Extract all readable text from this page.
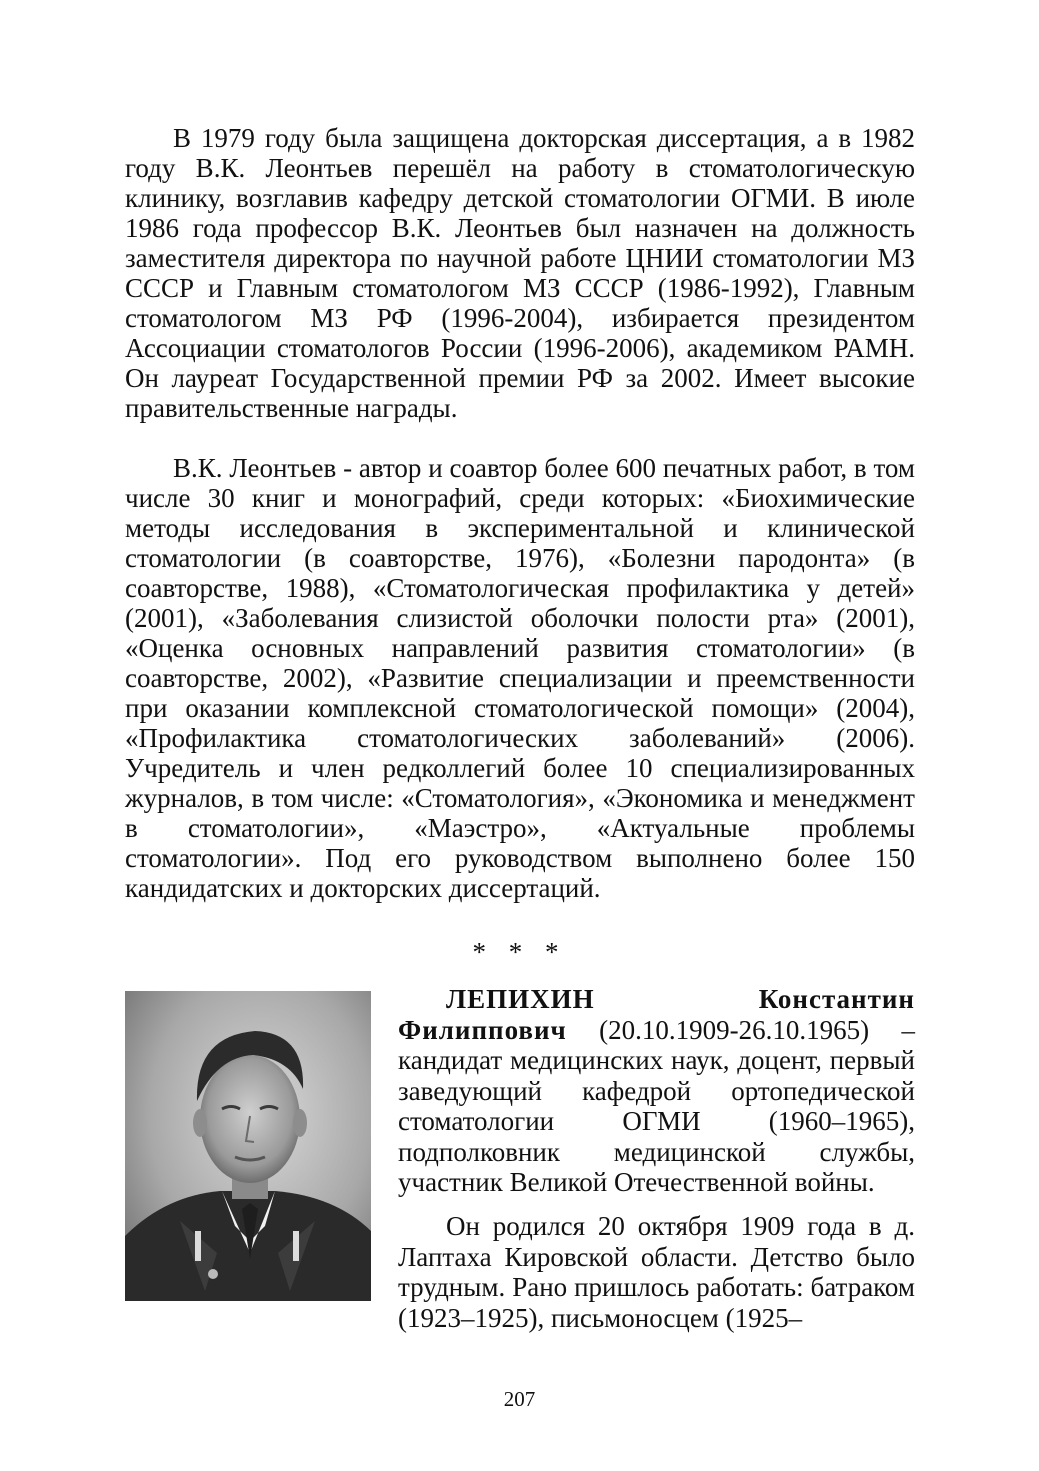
В 1979 году была защищена докторская диссертация, а в 1982 году В.К. Леонтьев перешёл на работу в стоматологическую клинику, возглавив кафедру детской стоматологии ОГМИ. В июле 1986 года профессор В.К. Леонтьев был назначен на должность заместителя директора по научной работе ЦНИИ стоматологии МЗ СССР и Главным стоматологом МЗ СССР (1986-1992), Главным стоматологом МЗ РФ (1996-2004), избирается президентом Ассоциации стоматологов России (1996-2006), академиком РАМН. Он лауреат Государственной премии РФ за 2002. Имеет высокие правительственные награды.

В.К. Леонтьев - автор и соавтор более 600 печатных работ, в том числе 30 книг и монографий, среди которых: «Биохимические методы исследования в экспериментальной и клинической стоматологии (в соавторстве, 1976), «Болезни пародонта» (в соавторстве, 1988), «Стоматологическая профилактика у детей» (2001), «Заболевания слизистой оболочки полости рта» (2001), «Оценка основных направлений развития стоматологии» (в соавторстве, 2002), «Развитие специализации и преемственности при оказании комплексной стоматологической помощи» (2004), «Профилактика стоматологических заболеваний» (2006). Учредитель и член редколлегий более 10 специализированных журналов, в том числе: «Стоматология», «Экономика и менеджмент в стоматологии», «Маэстро», «Актуальные проблемы стоматологии». Под его руководством выполнено более 150 кандидатских и докторских диссертаций.

* * *

ЛЕПИХИН Константин Филиппович (20.10.1909-26.10.1965) – кандидат медицинских наук, доцент, первый заведующий кафедрой ортопедической стоматологии ОГМИ (1960–1965), подполковник медицинской службы, участник Великой Отечественной войны.

Он родился 20 октября 1909 года в д. Лаптаха Кировской области. Детство было трудным. Рано пришлось работать: батраком (1923–1925), письмоносцем (1925–

207
